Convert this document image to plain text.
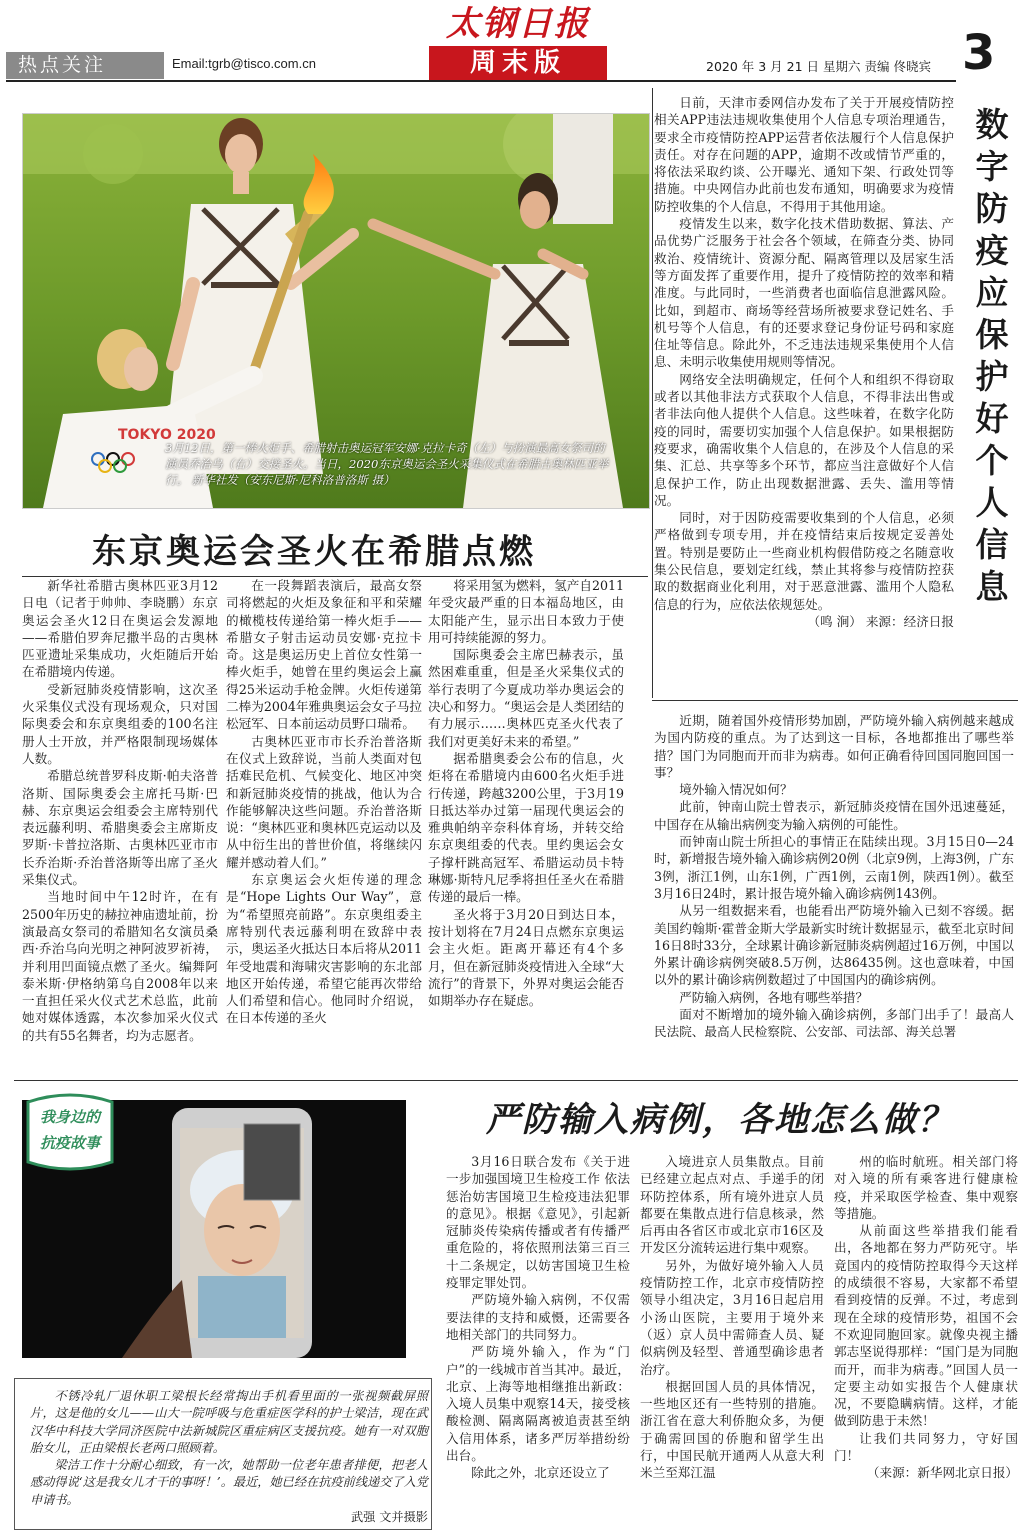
热点关注	Email:tgrb@tisco.com.cn
太钢日报
周末版	2020 年 3 月 21 日 星期六 责编 佟晓宾 3
TOKYO 2020
3月12日，第一棒火炬手、希腊射击奥运冠军安娜·克拉卡奇（左）与扮演最高女祭司的演员乔治乌（右）交接圣火。当日，2020东京奥运会圣火采集仪式在希腊古奥林匹亚举行。 新华社发（安东尼斯·尼科洛普洛斯 摄）
东京奥运会圣火在希腊点燃

新华社希腊古奥林匹亚3月12日电（记者于帅帅、李晓鹏）东京奥运会圣火12日在奥运会发源地——希腊伯罗奔尼撒半岛的古奥林匹亚遗址采集成功，火炬随后开始在希腊境内传递。

受新冠肺炎疫情影响，这次圣火采集仪式没有现场观众，只对国际奥委会和东京奥组委的100名注册人士开放，并严格限制现场媒体人数。

希腊总统普罗科皮斯·帕夫洛普洛斯、国际奥委会主席托马斯·巴赫、东京奥运会组委会主席特别代表远藤利明、希腊奥委会主席斯皮罗斯·卡普拉洛斯、古奥林匹亚市市长乔治斯·乔治普洛斯等出席了圣火采集仪式。

当地时间中午12时许，在有2500年历史的赫拉神庙遗址前，扮演最高女祭司的希腊知名女演员桑西·乔治乌向光明之神阿波罗祈祷，并利用凹面镜点燃了圣火。编舞阿泰米斯·伊格纳第乌自2008年以来一直担任采火仪式艺术总监，此前她对媒体透露，本次参加采火仪式的共有55名舞者，均为志愿者。

在一段舞蹈表演后，最高女祭司将燃起的火炬及象征和平和荣耀的橄榄枝传递给第一棒火炬手——希腊女子射击运动员安娜·克拉卡奇。这是奥运历史上首位女性第一棒火炬手，她曾在里约奥运会上赢得25米运动手枪金牌。火炬传递第二棒为2004年雅典奥运会女子马拉松冠军、日本前运动员野口瑞希。

古奥林匹亚市市长乔治普洛斯在仪式上致辞说，当前人类面对包括难民危机、气候变化、地区冲突和新冠肺炎疫情的挑战，他认为合作能够解决这些问题。乔治普洛斯说：“奥林匹亚和奥林匹克运动以及从中衍生出的普世价值，将继续闪耀并感动着人们。”

东京奥运会火炬传递的理念是“Hope Lights Our Way”，意为“希望照亮前路”。东京奥组委主席特别代表远藤利明在致辞中表示，奥运圣火抵达日本后将从2011年受地震和海啸灾害影响的东北部地区开始传递，希望它能再次带给人们希望和信心。他同时介绍说，在日本传递的圣火

将采用氢为燃料，氢产自2011年受灾最严重的日本福岛地区，由太阳能产生，显示出日本致力于使用可持续能源的努力。

国际奥委会主席巴赫表示，虽然困难重重，但是圣火采集仪式的举行表明了今夏成功举办奥运会的决心和努力。“奥运会是人类团结的有力展示……奥林匹克圣火代表了我们对更美好未来的希望。”

据希腊奥委会公布的信息，火炬将在希腊境内由600名火炬手进行传递，跨越3200公里，于3月19日抵达举办过第一届现代奥运会的雅典帕纳辛奈科体育场，并转交给东京奥组委的代表。里约奥运会女子撑杆跳高冠军、希腊运动员卡特琳娜·斯特凡尼季将担任圣火在希腊传递的最后一棒。

圣火将于3月20日到达日本，按计划将在7月24日点燃东京奥运会主火炬。距离开幕还有4个多月，但在新冠肺炎疫情进入全球“大流行”的背景下，外界对奥运会能否如期举办存在疑虑。

日前，天津市委网信办发布了关于开展疫情防控相关APP违法违规收集使用个人信息专项治理通告，要求全市疫情防控APP运营者依法履行个人信息保护责任。对存在问题的APP，逾期不改或情节严重的，将依法采取约谈、公开曝光、通知下架、行政处罚等措施。中央网信办此前也发布通知，明确要求为疫情防控收集的个人信息，不得用于其他用途。

疫情发生以来，数字化技术借助数据、算法、产品优势广泛服务于社会各个领域，在筛查分类、协同救治、疫情统计、资源分配、隔离管理以及居家生活等方面发挥了重要作用，提升了疫情防控的效率和精准度。与此同时，一些消费者也面临信息泄露风险。比如，到超市、商场等经营场所被要求登记姓名、手机号等个人信息，有的还要求登记身份证号码和家庭住址等信息。除此外，不乏违法违规采集使用个人信息、未明示收集使用规则等情况。

网络安全法明确规定，任何个人和组织不得窃取或者以其他非法方式获取个人信息，不得非法出售或者非法向他人提供个人信息。这些味着，在数字化防疫的同时，需要切实加强个人信息保护。如果根据防疫要求，确需收集个人信息的，在涉及个人信息的采集、汇总、共享等多个环节，都应当注意做好个人信息保护工作，防止出现数据泄露、丢失、滥用等情况。

同时，对于因防疫需要收集到的个人信息，必须严格做到专项专用，并在疫情结束后按规定妥善处置。特别是要防止一些商业机构假借防疫之名随意收集公民信息，要划定红线，禁止其将参与疫情防控获取的数据商业化利用，对于恶意泄露、滥用个人隐私信息的行为，应依法依规惩处。

（鸣 涧） 来源：经济日报

数字防疫应保护好个人信息

近期，随着国外疫情形势加剧，严防境外输入病例越来越成为国内防疫的重点。为了达到这一目标，各地都推出了哪些举措？国门为同胞而开而非为病毒。如何正确看待回国同胞回国一事？

境外输入情况如何？

此前，钟南山院士曾表示，新冠肺炎疫情在国外迅速蔓延，中国存在从输出病例变为输入病例的可能性。

而钟南山院士所担心的事情正在陆续出现。3月15日0—24时，新增报告境外输入确诊病例20例（北京9例，上海3例，广东3例，浙江1例，山东1例，广西1例，云南1例，陕西1例）。截至3月16日24时，累计报告境外输入确诊病例143例。

从另一组数据来看，也能看出严防境外输入已刻不容缓。据美国约翰斯·霍普金斯大学最新实时统计数据显示，截至北京时间16日8时33分，全球累计确诊新冠肺炎病例超过16万例，中国以外累计确诊病例突破8.5万例，达86435例。这也意味着，中国以外的累计确诊病例数超过了中国国内的确诊病例。

严防输入病例，各地有哪些举措？

面对不断增加的境外输入确诊病例，多部门出手了！最高人民法院、最高人民检察院、公安部、司法部、海关总署

我身边的抗疫故事

不锈冷轧厂退休职工梁根长经常掏出手机看里面的一张视频截屏照片，这是他的女儿——山大一院呼吸与危重症医学科的护士梁洁，现在武汉华中科技大学同济医院中法新城院区重症病区支援抗疫。她有一对双胞胎女儿，正由梁根长老两口照顾着。

梁洁工作十分耐心细致，有一次，她帮助一位老年患者排便，把老人感动得说‘这是我女儿才干的事呀！’。最近，她已经在抗疫前线递交了入党申请书。

武强 文并摄影

严防输入病例，各地怎么做？

3月16日联合发布《关于进一步加强国境卫生检疫工作 依法惩治妨害国境卫生检疫违法犯罪的意见》。根据《意见》，引起新冠肺炎传染病传播或者有传播严重危险的，将依照刑法第三百三十二条规定，以妨害国境卫生检疫罪定罪处罚。

严防境外输入病例，不仅需要法律的支持和威慑，还需要各地相关部门的共同努力。

严防境外输入，作为“门户”的一线城市首当其冲。最近，北京、上海等地相继推出新政：入境人员集中观察14天，接受核酸检测、隔离隔离被追责甚至纳入信用体系，诸多严厉举措纷纷出台。

除此之外，北京还设立了

入境进京人员集散点。目前已经建立起点对点、手递手的闭环防控体系，所有境外进京人员都要在集散点进行信息核录，然后再由各省区市或北京市16区及开发区分流转运进行集中观察。

另外，为做好境外输入人员疫情防控工作，北京市疫情防控领导小组决定，3月16日起启用小汤山医院，主要用于境外来（返）京人员中需筛查人员、疑似病例及轻型、普通型确诊患者治疗。

根据回国人员的具体情况，一些地区还有一些特别的措施。浙江省在意大利侨胞众多，为便于确需回国的侨胞和留学生出行，中国民航开通两人从意大利米兰至郑江温

州的临时航班。相关部门将对入境的所有乘客进行健康检疫，并采取医学检查、集中观察等措施。

从前面这些举措我们能看出，各地都在努力严防死守。毕竟国内的疫情防控取得今天这样的成绩很不容易，大家都不希望看到疫情的反弹。不过，考虑到现在全球的疫情形势，祖国不会不欢迎同胞回家。就像央视主播郭志坚说得那样：“国门是为同胞而开，而非为病毒。”回国人员一定要主动如实报告个人健康状况，不要隐瞒病情。这样，才能做到防患于未然！

让我们共同努力，守好国门！

（来源：新华网北京日报）
